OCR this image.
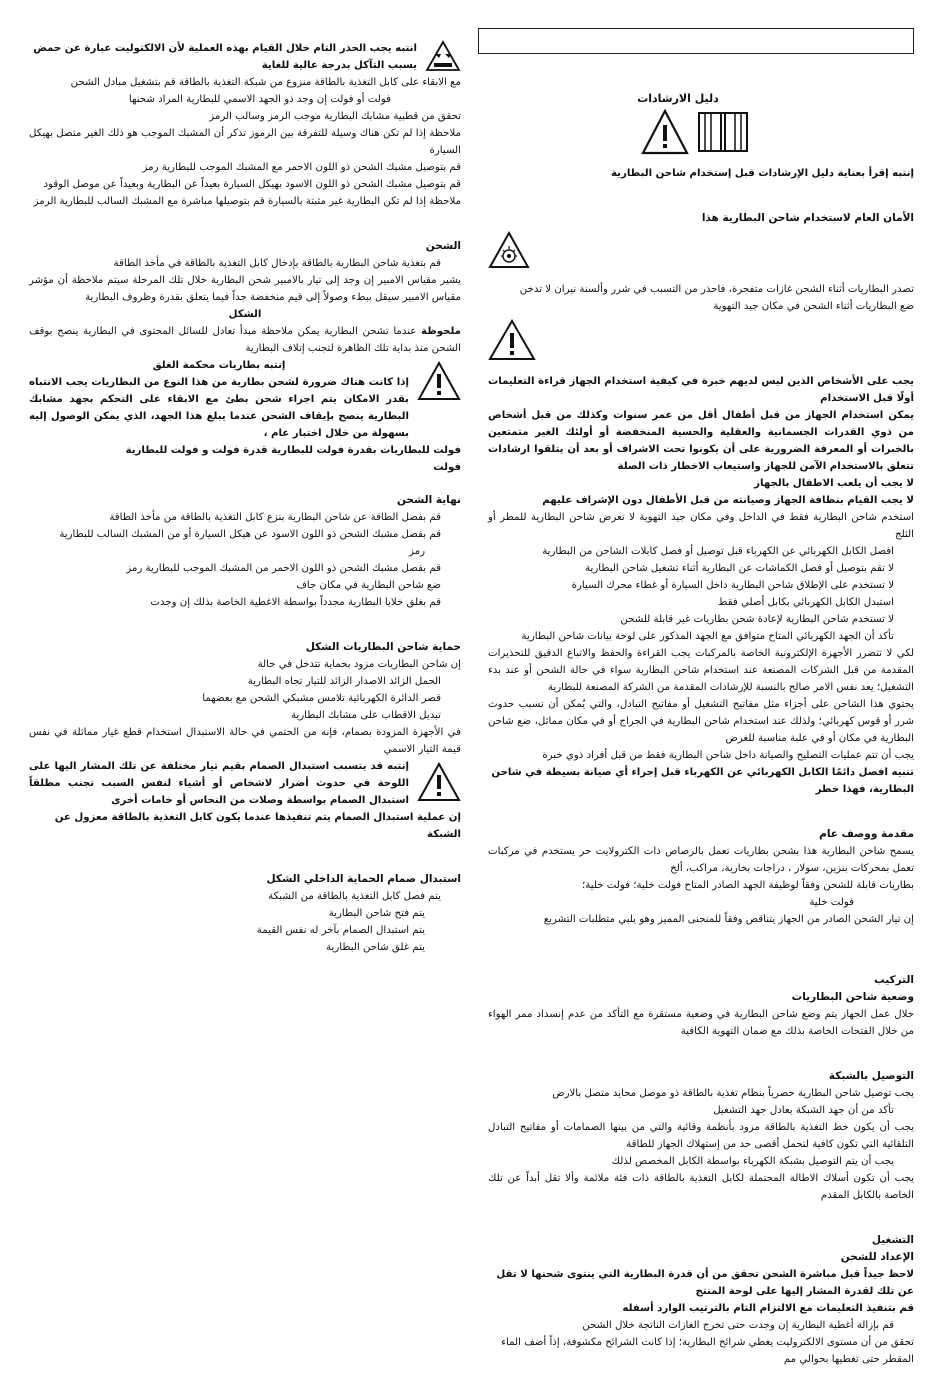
دليل الارشادات

إنتبه إقرأ بعناية دليل الإرشادات قبل إستخدام شاحن البطارية

الأمان العام لاستخدام شاحن البطارية هذا

تصدر البطاريات أثناء الشحن غازات متفجرة، فاحذر من التسبب في شرر وألسنة نيران لا تدخن

ضع البطاريات أثناء الشحن في مكان جيد التهوية

يجب على الأشخاص الذين ليس لديهم خبرة في كيفية استخدام الجهاز قراءة التعليمات أولًا قبل الاستخدام

يمكن استخدام الجهاز من قبل أطفال أقل من عمر سنوات وكذلك من قبل أشخاص من ذوي القدرات الجسمانية والعقلية والحسية المنخفضة أو أولئك الغير متمتعين بالخبرات أو المعرفة الضرورية على أن يكونوا تحت الاشراف أو بعد أن يتلقوا ارشادات تتعلق بالاستخدام الآمن للجهاز واستيعاب الاخطار ذات الصلة

لا يجب أن يلعب الاطفال بالجهاز

لا يجب القيام بنظافة الجهاز وصيانته من قبل الأطفال دون الإشراف عليهم

استخدم شاحن البطارية فقط في الداخل وفي مكان جيد التهوية لا تعرض شاحن البطارية للمطر أو الثلج

افصل الكابل الكهربائي عن الكهرباء قبل توصيل أو فصل كابلات الشاحن من البطارية

لا تقم بتوصيل أو فصل الكماشات عن البطارية أثناء تشغيل شاحن البطارية

لا تستخدم على الإطلاق شاحن البطارية داخل السيارة أو غطاء محرك السيارة

استبدل الكابل الكهربائي بكابل أصلي فقط

لا تستخدم شاحن البطارية لإعادة شحن بطاريات غير قابلة للشحن

تأكد أن الجهد الكهربائي المتاح متوافق مع الجهد المذكور على لوحة بيانات شاحن البطارية

لكي لا تتضرر الأجهزة الإلكترونية الخاصة بالمركبات يجب القراءة والحفظ والاتباع الدقيق للتحذيرات المقدمة من قبل الشركات المصنعة عند استخدام شاحن البطارية سواء في حالة الشحن أو عند بدء التشغيل؛ يعد نفس الامر صالح بالنسبة للإرشادات المقدمة من الشركة المصنعة للبطارية

يحتوي هذا الشاحن على أجزاء مثل مفاتيح التشغيل أو مفاتيح التبادل، والتي يُمكن أن تسبب حدوث شرر أو قوس كهربائي؛ ولذلك عند استخدام شاحن البطارية في الجراج أو في مكان مماثل، ضع شاحن البطارية في مكان أو في علبة مناسبة للغرض

يجب أن تتم عمليات التصليح والصيانة داخل شاحن البطارية فقط من قبل أفراد ذوي خبرة

تنبيه افصل دائمًا الكابل الكهربائي عن الكهرباء قبل إجراء أي صيانة بسيطة في شاحن البطارية، فهذا خطر

مقدمة ووصف عام

يسمح شاحن البطارية هذا بشحن بطاريات تعمل بالرصاص ذات الكترولايت حر يستخدم في مركبات تعمل بمحركات بنزين، سولار ، دراجات بخارية، مراكب، ألخ

بطاريات قابلة للشحن وفقاً لوظيفة الجهد الصادر المتاح فولت خلية؛ فولت خلية؛

فولت خلية

إن تيار الشحن الصادر من الجهاز يتناقص وفقاً للمنحنى المميز وهو يلبي متطلبات التشريع

التركيب
وضعية شاحن البطاريات

خلال عمل الجهاز يتم وضع شاحن البطارية في وضعية مستقرة مع التأكد من عدم إنسداد ممر الهواء من خلال الفتحات الخاصة بذلك مع ضمان التهوية الكافية

التوصيل بالشبكة

يجب توصيل شاحن البطارية حصرياً بنظام تغذية بالطاقة ذو موصل محايد متصل بالارض

تأكد من أن جهد الشبكة يعادل جهد التشغيل

يجب أن يكون خط التغذية بالطاقة مزود بأنظمة وقائية والتي من بينها الصمامات أو مفاتيح التبادل التلقائية التي تكون كافية لتحمل أقصى حد من إستهلاك الجهاز للطاقة

يجب أن يتم التوصيل بشبكة الكهرباء بواسطة الكابل المخصص لذلك

يجب أن تكون أسلاك الاطالة المحتملة لكابل التغذية بالطاقة ذات فئة ملائمة وألا تقل أبداً عن تلك الخاصة بالكابل المقدم

التشغيل
الإعداد للشحن

لاحظ جيداً قبل مباشرة الشحن تحقق من أن قدرة البطارية التي ينتوى شحنها لا تقل عن تلك لقدرة المشار إليها على لوحة المنتج

قم بتنفيذ التعليمات مع الالتزام التام بالترتيب الوارد أسفله

قم بإزالة أغطية البطارية إن وجدت حتى تخرج الغازات الناتجة خلال الشحن

تحقق من أن مستوى الالكتروليت يغطي شرائح البطارية؛ إذا كانت الشرائح مكشوفة، إذاً أضف الماء المقطر حتى تغطيها بحوالي مم

انتبه يجب الحذر التام خلال القيام بهذه العملية لأن الالكتوليت عبارة عن حمض يسبب التآكل بدرجة عالية للغاية

مع الابقاء على كابل التغذية بالطاقة منزوع من شبكة التغذية بالطاقة قم بتشغيل مبادل الشحن

فولت أو فولت إن وجد ذو الجهد الاسمي للبطارية المراد شحنها

تحقق من قطبية مشابك البطارية موجب الرمز وسالب الرمز

ملاحظة إذا لم تكن هناك وسيلة للتفرقة بين الرموز تذكر أن المشبك الموجب هو ذلك الغير متصل بهيكل السيارة

قم بتوصيل مشبك الشحن ذو اللون الاحمر مع المشبك الموجب للبطارية رمز

قم بتوصيل مشبك الشحن ذو اللون الاسود بهيكل السيارة بعيداً عن البطارية وبعيداً عن موصل الوقود

ملاحظة إذا لم تكن البطارية غير مثبتة بالسيارة قم بتوصيلها مباشرة مع المشبك السالب للبطارية الرمز

الشحن

قم بتغذية شاحن البطارية بالطاقة بإدخال كابل التغذية بالطاقة في مأخذ الطاقة

يشير مقياس الامبير إن وجد إلى تيار بالامبير شحن البطارية خلال تلك المرحلة سيتم ملاحظة أن مؤشر مقياس الامبير سيقل ببطء وصولاً إلى قيم منخفضة جداً فيما يتعلق بقدرة وظروف البطارية

الشكل

ملحوظة عندما تشحن البطارية يمكن ملاحظة مبدأ تعادل للسائل المحتوى في البطارية ينصح بوقف الشحن منذ بداية تلك الظاهرة لتجنب إتلاف البطارية

إنتبه بطاريات محكمة الغلق

إذا كانت هناك ضرورة لشحن بطارية من هذا النوع من البطاريات يجب الانتباه بقدر الامكان يتم اجراء شحن بطئ مع الابقاء على التحكم بجهد مشابك البطارية ينصح بإيقاف الشحن عندما يبلغ هذا الجهد، الذي يمكن الوصول إليه بسهولة من خلال اختبار عام ،

فولت للبطاريات بقدرة فولت للبطارية قدرة فولت و فولت للبطارية

فولت

نهاية الشحن

قم بفصل الطاقة عن شاحن البطارية بنزع كابل التغذية بالطاقة من مأخذ الطاقة

قم بفصل مشبك الشحن ذو اللون الاسود عن هيكل السيارة أو من المشبك السالب للبطارية

رمز

قم بفصل مشبك الشحن ذو اللون الاحمر من المشبك الموجب للبطارية رمز

ضع شاحن البطارية في مكان جاف

قم بغلق خلايا البطارية مجدداً بواسطة الاغطية الخاصة بذلك إن وجدت

حماية شاحن البطاريات الشكل

إن شاحن البطاريات مزود بحماية تتدخل في حالة

الحمل الزائد الاصدار الزائد للتيار تجاه البطارية

قصر الدائرة الكهربائية تلامس مشبكي الشحن مع بعضهما

تبديل الاقطاب على مشابك البطارية

في الأجهزة المزودة بصمام، فإنه من الحتمي في حالة الاستبدال استخدام قطع غيار مماثلة في نفس قيمة التيار الاسمي

إنتبه قد يتسبب استبدال الصمام بقيم تيار مختلفة عن تلك المشار اليها على اللوحة في حدوث أضرار لاشخاص أو أشياء لنفس السبب تجنب مطلقاً استبدال الصمام بواسطة وصلات من النحاس أو خامات أخرى

إن عملية استبدال الصمام يتم تنفيذها عندما يكون كابل التغذية بالطاقة معزول عن الشبكة

استبدال صمام الحماية الداخلي الشكل

يتم فصل كابل التغذية بالطاقة من الشبكة

يتم فتح شاحن البطارية

يتم استبدال الصمام بآخر له نفس القيمة

يتم غلق شاحن البطارية
